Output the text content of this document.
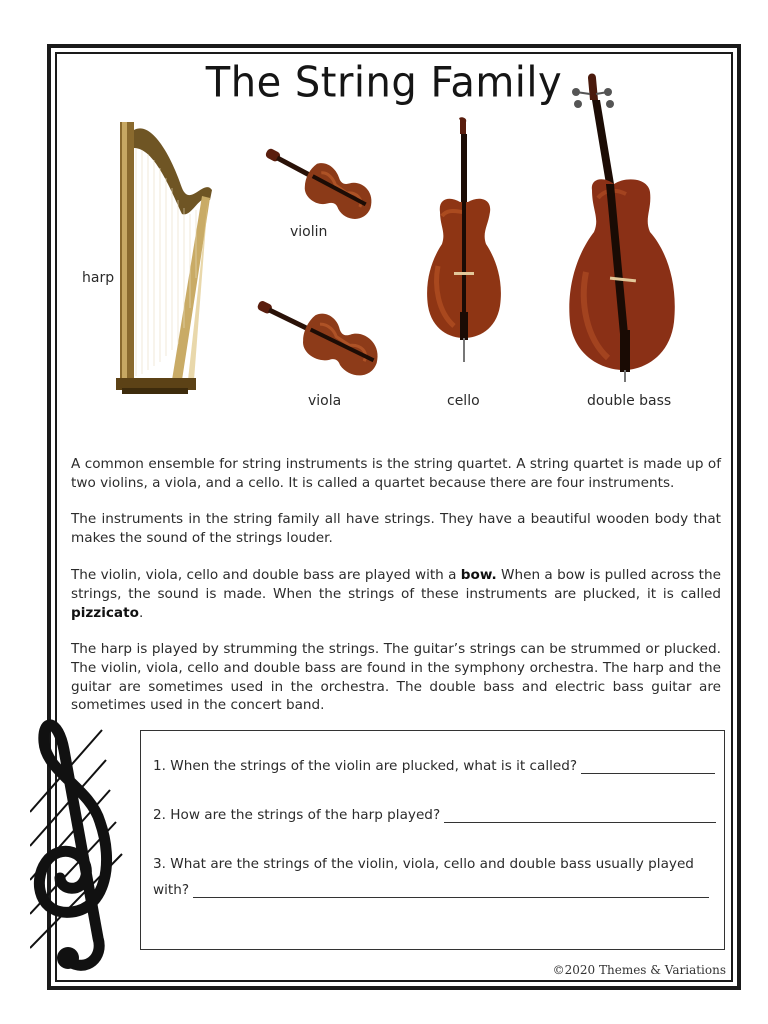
The String Family
harp
violin
viola	cello	double bass
A common ensemble for string instruments is the string quartet. A string quartet is made up of two violins, a viola, and a cello. It is called a quartet because there are four instruments.
The instruments in the string family all have strings. They have a beautiful wooden body that makes the sound of the strings louder.
The violin, viola, cello and double bass are played with a bow. When a bow is pulled across the strings, the sound is made. When the strings of these instruments are plucked, it is called pizzicato.
The harp is played by strumming the strings. The guitar’s strings can be strummed or plucked. The violin, viola, cello and double bass are found in the symphony orchestra. The harp and the guitar are sometimes used in the orchestra. The double bass and electric bass guitar are sometimes used in the concert band.
1. When the strings of the violin are plucked, what is it called?
2. How are the strings of the harp played?
3. What are the strings of the violin, viola, cello and double bass usually played
with?
©2020 Themes & Variations
